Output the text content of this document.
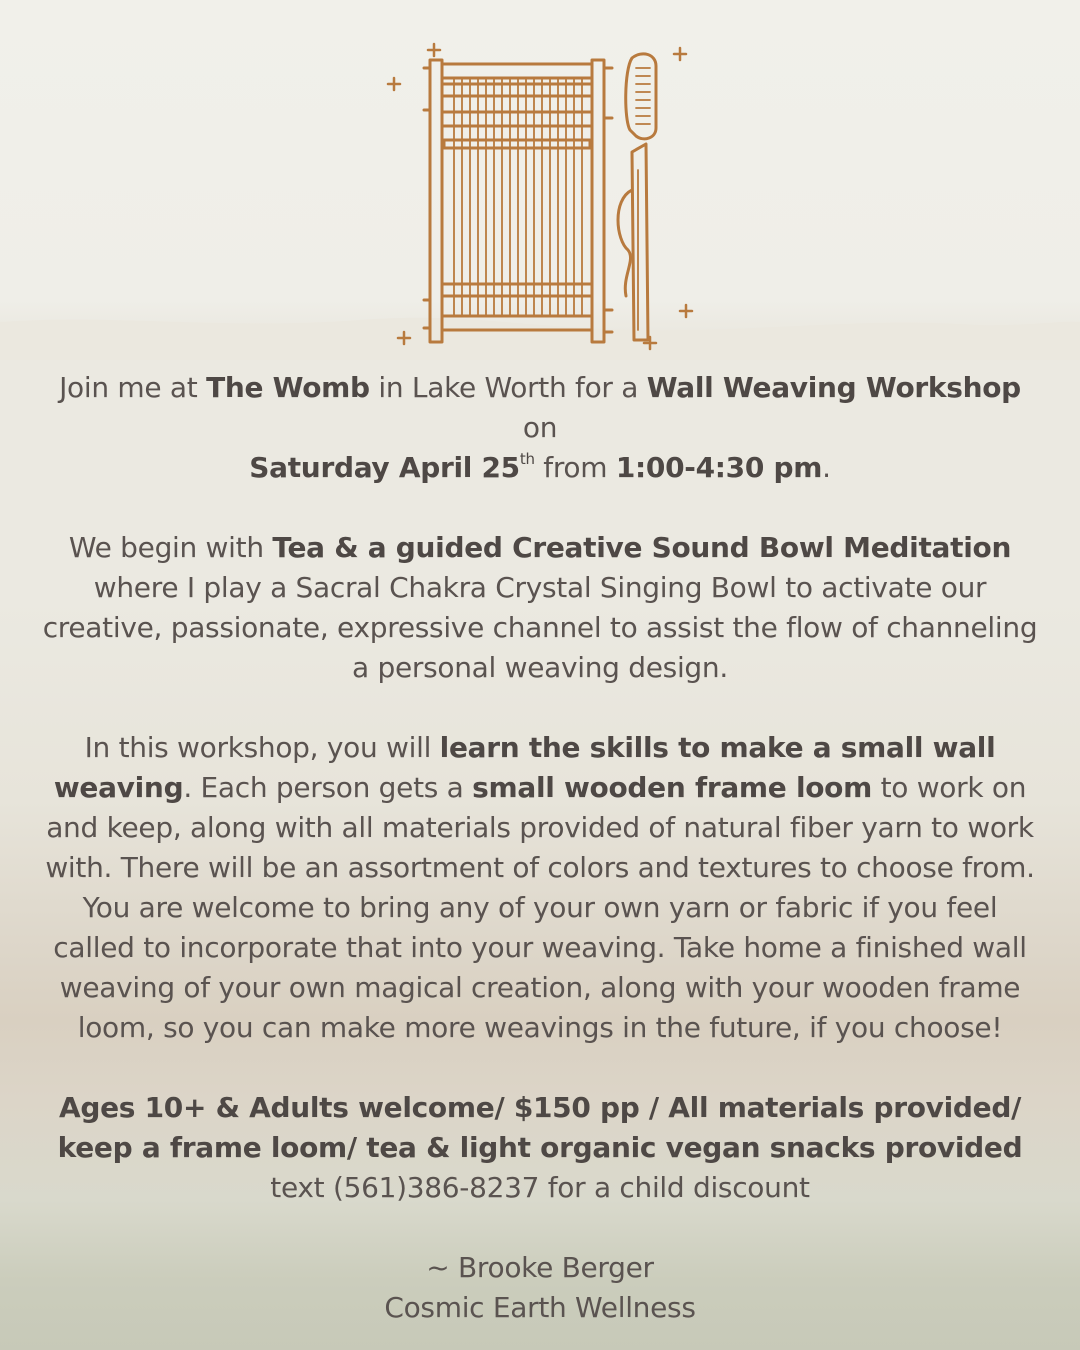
Join me at The Womb in Lake Worth for a Wall Weaving Workshop on
Saturday April 25th from 1:00-4:30 pm.

We begin with Tea & a guided Creative Sound Bowl Meditation where I play a Sacral Chakra Crystal Singing Bowl to activate our creative, passionate, expressive channel to assist the flow of channeling a personal weaving design.

In this workshop, you will learn the skills to make a small wall weaving. Each person gets a small wooden frame loom to work on and keep, along with all materials provided of natural fiber yarn to work with. There will be an assortment of colors and textures to choose from. You are welcome to bring any of your own yarn or fabric if you feel called to incorporate that into your weaving. Take home a finished wall weaving of your own magical creation, along with your wooden frame loom, so you can make more weavings in the future, if you choose!

Ages 10+ & Adults welcome/ $150 pp / All materials provided/
keep a frame loom/ tea & light organic vegan snacks provided
text (561)386-8237 for a child discount

~ Brooke Berger
Cosmic Earth Wellness
